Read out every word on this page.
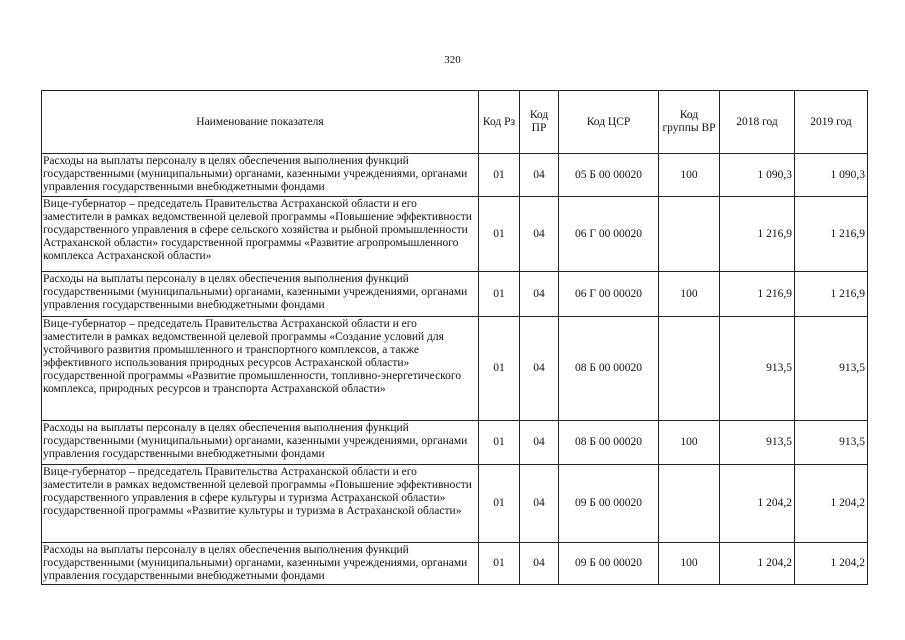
320
Наименование показателя	Код Рз	Код ПР	Код ЦСР	Код группы ВР	2018 год	2019 год
Расходы на выплаты персоналу в целях обеспечения выполнения функций государственными (муниципальными) органами, казенными учреждениями, органами управления государственными внебюджетными фондами	01	04	05 Б 00 00020	100	1 090,3	1 090,3
Вице-губернатор – председатель Правительства Астраханской области и его заместители в рамках ведомственной целевой программы «Повышение эффективности государственного управления в сфере сельского хозяйства и рыбной промышленности Астраханской области» государственной программы «Развитие агропромышленного комплекса Астраханской области»	01	04	06 Г 00 00020		1 216,9	1 216,9
Расходы на выплаты персоналу в целях обеспечения выполнения функций государственными (муниципальными) органами, казенными учреждениями, органами управления государственными внебюджетными фондами	01	04	06 Г 00 00020	100	1 216,9	1 216,9
Вице-губернатор – председатель Правительства Астраханской области и его заместители в рамках ведомственной целевой программы «Создание условий для устойчивого развития промышленного и транспортного комплексов, а также эффективного использования природных ресурсов Астраханской области» государственной программы «Развитие промышленности, топливно-энергетического комплекса, природных ресурсов и транспорта Астраханской области»	01	04	08 Б 00 00020		913,5	913,5
Расходы на выплаты персоналу в целях обеспечения выполнения функций государственными (муниципальными) органами, казенными учреждениями, органами управления государственными внебюджетными фондами	01	04	08 Б 00 00020	100	913,5	913,5
Вице-губернатор – председатель Правительства Астраханской области и его заместители в рамках ведомственной целевой программы «Повышение эффективности государственного управления в сфере культуры и туризма Астраханской области» государственной программы «Развитие культуры и туризма в Астраханской области»	01	04	09 Б 00 00020		1 204,2	1 204,2
Расходы на выплаты персоналу в целях обеспечения выполнения функций государственными (муниципальными) органами, казенными учреждениями, органами управления государственными внебюджетными фондами	01	04	09 Б 00 00020	100	1 204,2	1 204,2
